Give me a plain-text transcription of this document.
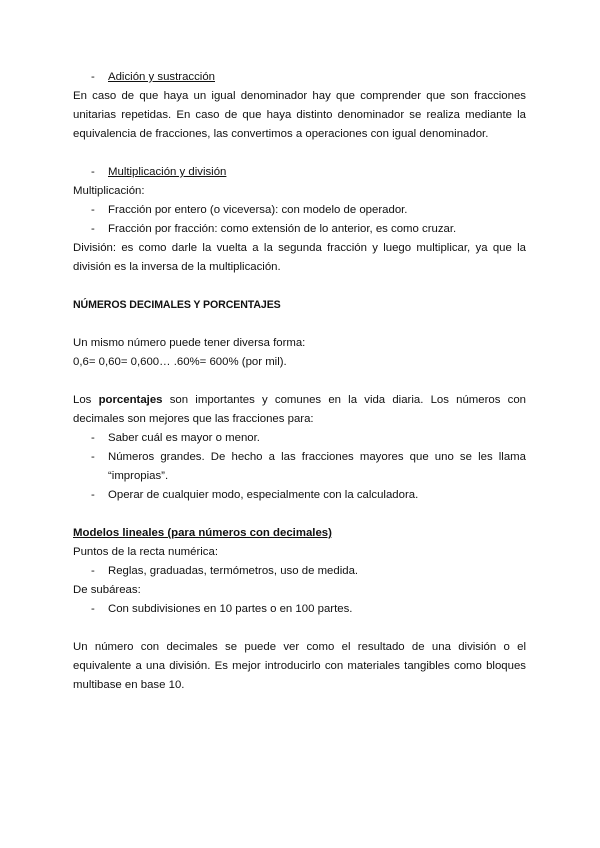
- Adición y sustracción

En caso de que haya un igual denominador hay que comprender que son fracciones unitarias repetidas. En caso de que haya distinto denominador se realiza mediante la equivalencia de fracciones, las convertimos a operaciones con igual denominador.

- Multiplicación y división

Multiplicación:

- Fracción por entero (o viceversa): con modelo de operador.
- Fracción por fracción: como extensión de lo anterior, es como cruzar.

División: es como darle la vuelta a la segunda fracción y luego multiplicar, ya que la división es la inversa de la multiplicación.

NÚMEROS DECIMALES Y PORCENTAJES

Un mismo número puede tener diversa forma:

0,6= 0,60= 0,600… .60%= 600% (por mil).

Los porcentajes son importantes y comunes en la vida diaria. Los números con decimales son mejores que las fracciones para:

- Saber cuál es mayor o menor.
- Números grandes. De hecho a las fracciones mayores que uno se les llama “impropias”.
- Operar de cualquier modo, especialmente con la calculadora.

Modelos lineales (para números con decimales)

Puntos de la recta numérica:

- Reglas, graduadas, termómetros, uso de medida.

De subáreas:

- Con subdivisiones en 10 partes o en 100 partes.

Un número con decimales se puede ver como el resultado de una división o el equivalente a una división. Es mejor introducirlo con materiales tangibles como bloques multibase en base 10.
